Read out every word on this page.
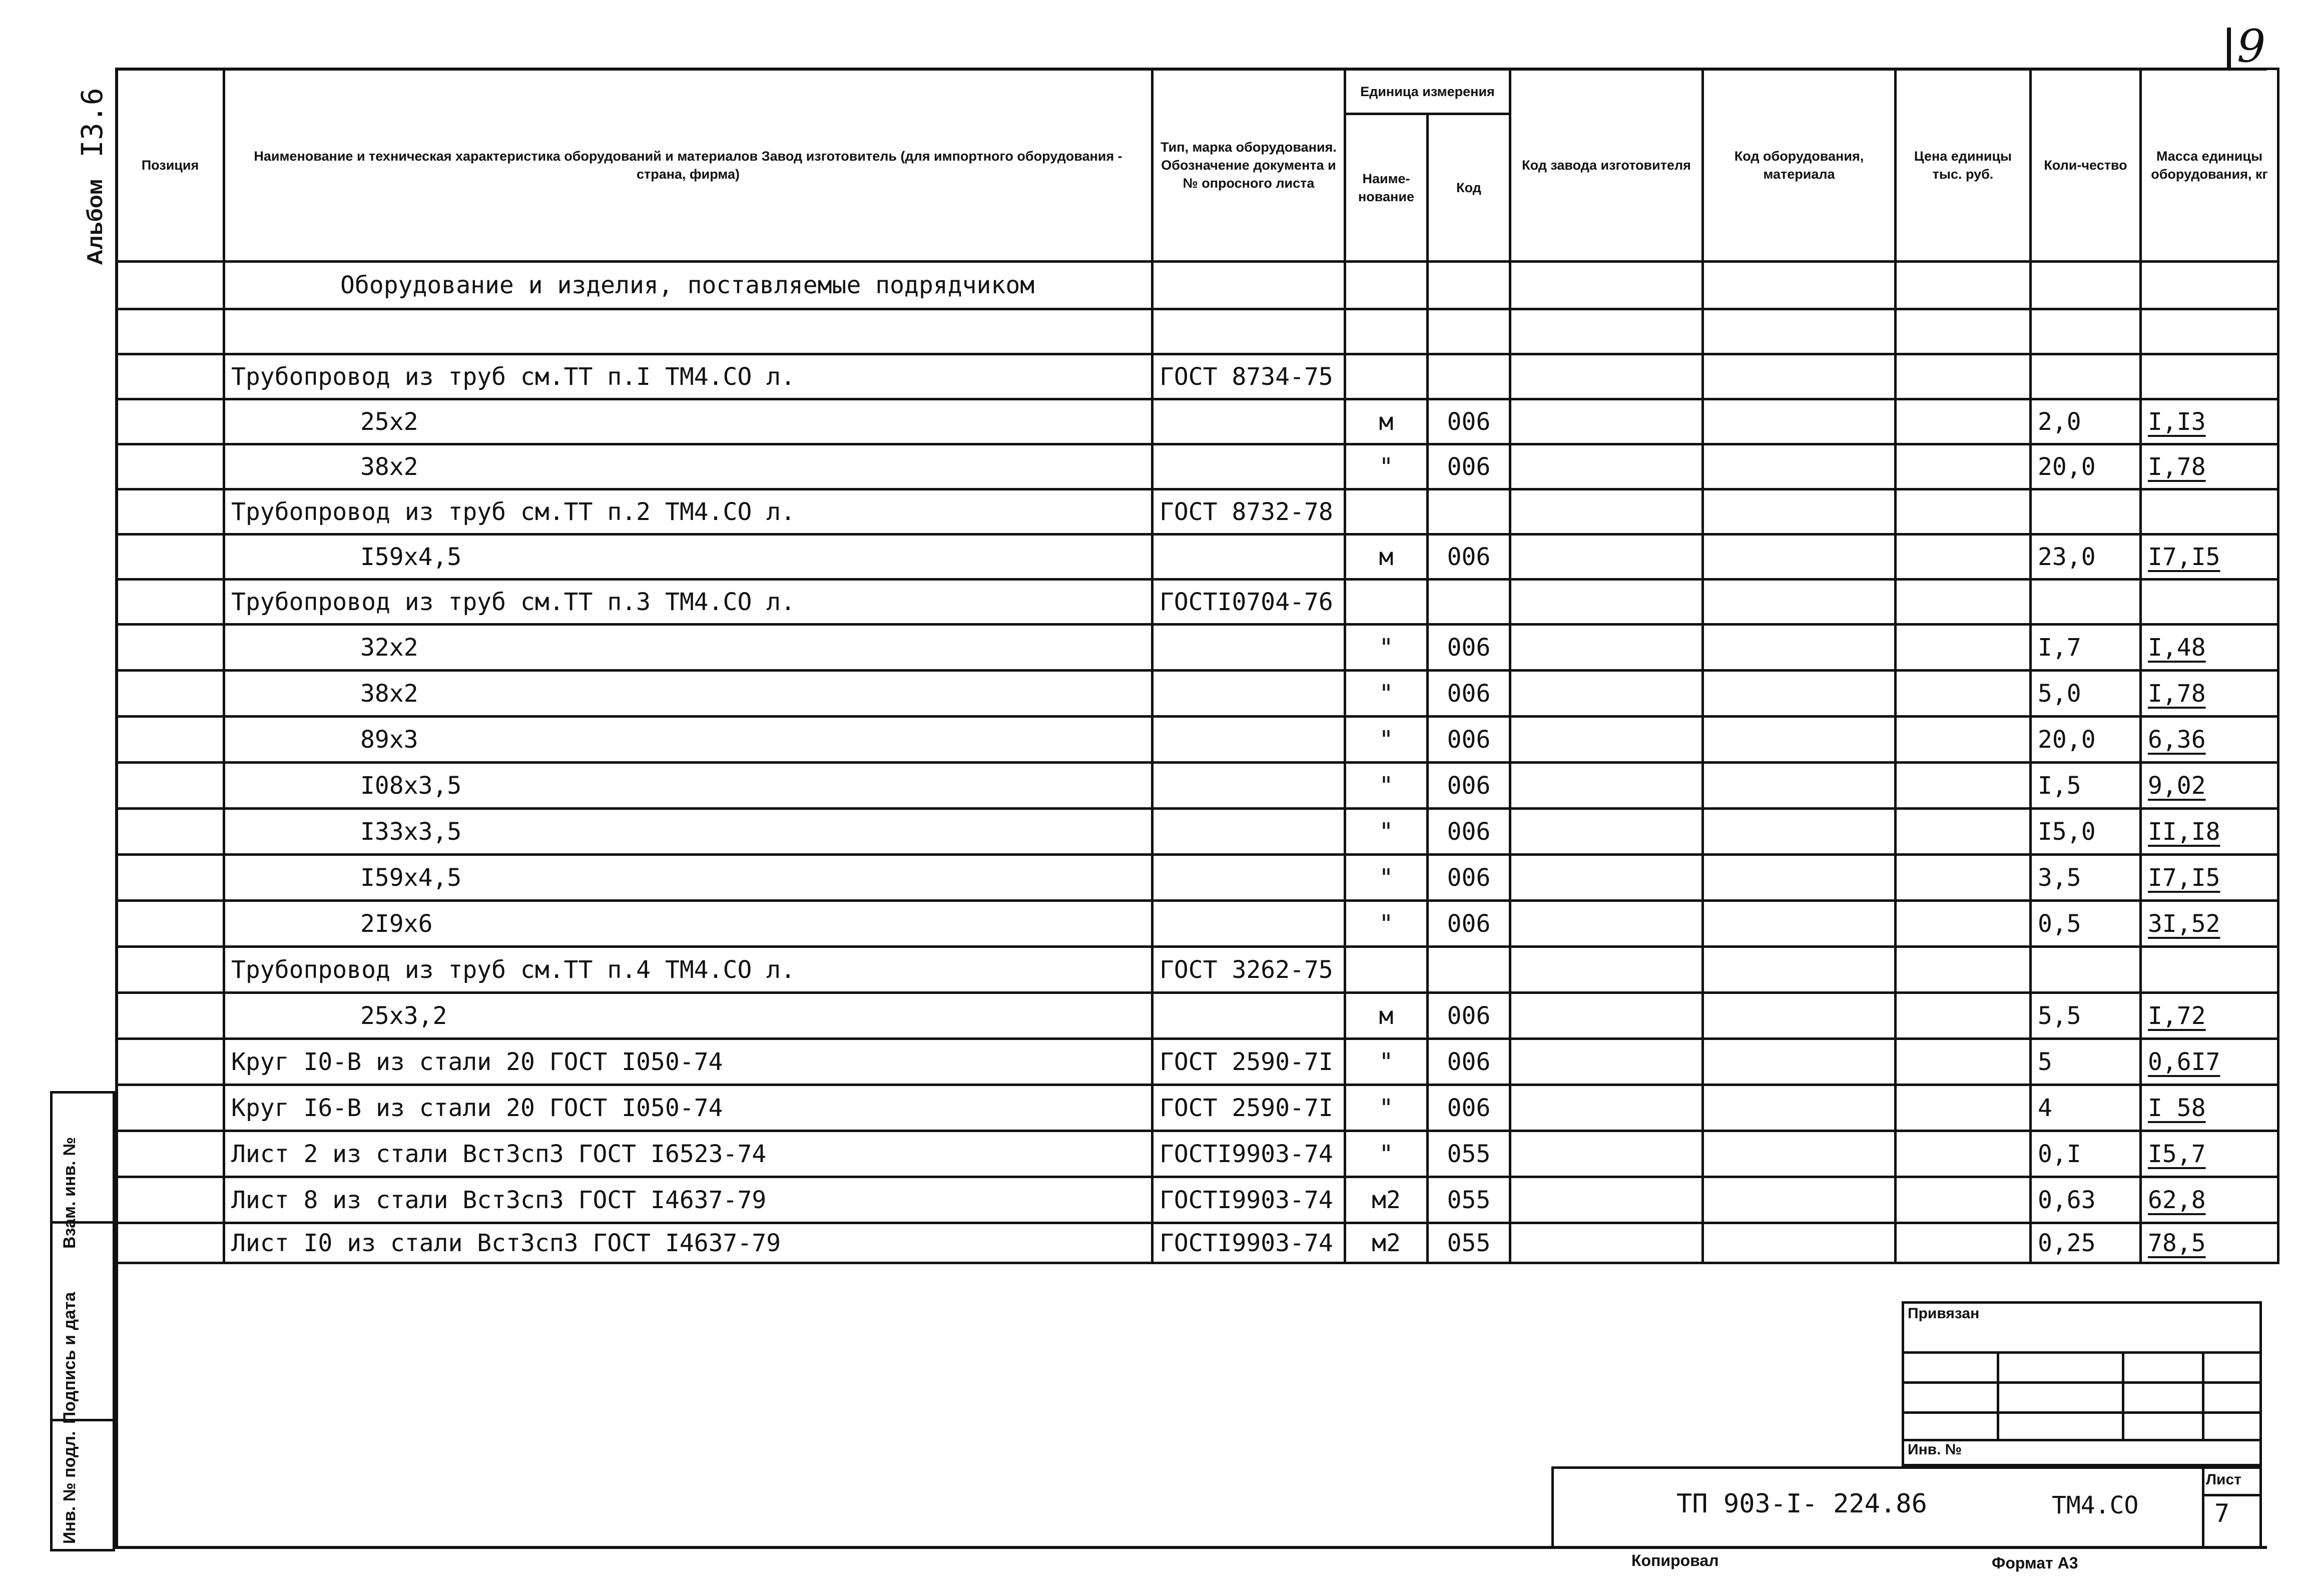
9
Альбом I3.6
Взам. инв. №
Подпись и дата
Инв. № подл.
Позиция	Наименование и техническая характеристика оборудований и материалов Завод изготовитель (для импортного оборудования - страна, фирма)	Тип, марка оборудования. Обозначение документа и № опросного листа	Единица измерения		Код завода изготовителя	Код оборудования, материала	Цена единицы тыс. руб.	Коли-чество	Масса единицы оборудования, кг
			Наиме-нование	Код					
	Оборудование и изделия, поставляемые подрядчиком								

	Трубопровод из труб см.ТТ п.I ТМ4.СО л.	ГОСТ 8734-75							
	25х2		м	006				2,0	I,I3
	38х2		"	006				20,0	I,78
	Трубопровод из труб см.ТТ п.2 ТМ4.СО л.	ГОСТ 8732-78							
	I59х4,5		м	006				23,0	I7,I5
	Трубопровод из труб см.ТТ п.3 ТМ4.СО л.	ГОСТI0704-76							
	32х2		"	006				I,7	I,48
	38х2		"	006				5,0	I,78
	89х3		"	006				20,0	6,36
	I08х3,5		"	006				I,5	9,02
	I33х3,5		"	006				I5,0	II,I8
	I59х4,5		"	006				3,5	I7,I5
	2I9х6		"	006				0,5	3I,52
	Трубопровод из труб см.ТТ п.4 ТМ4.СО л.	ГОСТ 3262-75							
	25х3,2		м	006				5,5	I,72
	Круг I0-В из стали 20 ГОСТ I050-74	ГОСТ 2590-7I	"	006				5	0,6I7
	Круг I6-В из стали 20 ГОСТ I050-74	ГОСТ 2590-7I	"	006				4	I 58
	Лист 2 из стали ВстЗсп3 ГОСТ I6523-74	ГОСТI9903-74	"	055				0,I	I5,7
	Лист 8 из стали ВстЗсп3 ГОСТ I4637-79	ГОСТI9903-74	м2	055				0,63	62,8
	Лист I0 из стали ВстЗсп3 ГОСТ I4637-79	ГОСТI9903-74	м2	055				0,25	78,5
Привязан
Инв. №
ТП 903-I- 224.86	ТМ4.СО
Лист
7
Копировал	Формат А3
